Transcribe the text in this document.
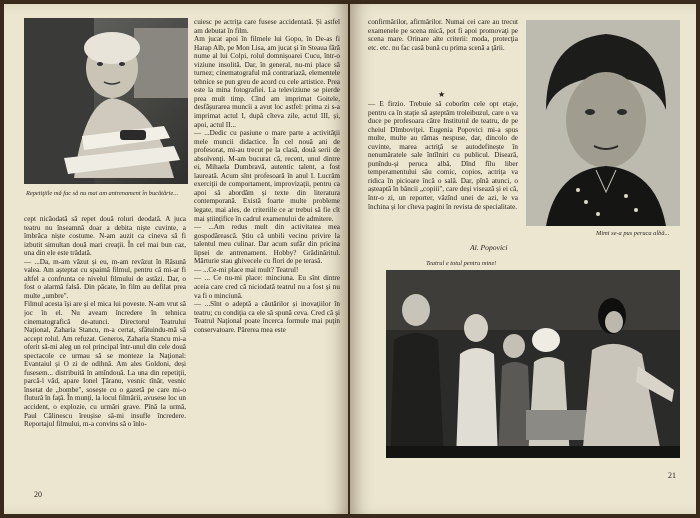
Repetiţiile mă fac să nu mai am antrenament în bucătărie...
cept nicăodată să repet două roluri deodată. A juca teatru nu înseamnă doar a debita niște cuvinte, a îmbrăca niște costume. N-am auzit ca cineva să fi izbutit simultan două mari creaţii. În cel mai bun caz, una din ele este trădată.
— ...Da, m-am văzut și eu, m-am revăzut în Răsună valea. Am așteptat cu spaimă filmul, pentru că mi-ar fi altfel a confrunta ce nivelul filmului de astăzi. Dar, o fost o alarmă falsă. Din păcate, în film au defilat prea multe „umbre".
Filmul acesta își are și el mica lui poveste. N-am vrut să joc în el. Nu aveam încredere în tehnica cinematografică de-atunci. Directorul Teatrului Naţional, Zaharia Stancu, m-a certat, sfătuindu-mă să accept rolul. Am refuzat. Generos, Zaharia Stancu mi-a oferit să-mi aleg un rol principal într-unul din cele două spectacole ce urmau să se monteze la Naţional: Evantaiul și O zi de odihnă. Am ales Goldoni, deși fusesem... distribuită în amîndouă. La una din repetiţii, parcă-l văd, apare Ionel Ţăranu, vesnic tînăr, vesnic însetat de „bombe", sosește cu o gazetă pe care mi-o flutură în faţă. În munţi, la locul filmării, avusese loc un accident, o explozie, cu urmări grave. Pînă la urmă, Paul Călinescu îreușise să-mi insufle încredere. Reportajul filmului, m-a convins să o înlo-
cuiesc pe actriţa care fusese accidentată. Și astfel am debutat în film.
Am jucat apoi în filmele lui Gopo, în De-as fi Harap Alb, pe Mon Lisa, am jucat și în Steaua fără nume al lui Colpi, rolul domnișoarei Cucu, într-o viziune insolită. Dar, în general, nu-mi place să turnez; cinematograful mă contrariază, elementele tehnice se pun greu de acord cu cele artistice. Prea este la mina fotografiei. La televiziune se pierde prea mult timp. Cînd am imprimat Goitele, desfășurarea muncii a avut loc astfel: prima zi s-a imprimat actul I, după cîteva zile, actul III, și, apoi, actul II...
— ...Dedic cu pasiune o mare parte a activităţii mele muncii didactice. În cel nouă ani de profesorat, mi-au trecut pe la clasă, două serii de absolvenţi. M-am bucurat că, recent, unul dintre ei, Mihaela Dumbravă, autentic talent, a fost laureată. Acum sînt profesoară în anul I. Lucrăm exerciţii de comportament, improvizaţii, pentru ca apoi să abordăm și texte din literatura contemporană. Există foarte multe probleme legate, mai ales, de criteriile ce ar trebui să fie cît mai științifice în cadrul examenului de admitere.
— ...Am redus mult din activitatea mea gospodărească. Știu că unbili vecinu privire la talentul meu culinar. Dar acum sufăr din pricina lipsei de antrenament. Hobby? Grădinăritul. Mărturie stau ghivecele cu flori de pe terasă.
— ...Ce-mi place mai mult? Teatrul!
— ... Ce nu-mi place: minciuna. Eu sînt dintre aceia care cred că niciodată teatrul nu a fost și nu va fi o minciună.
— ...Sînt o adeptă a căutărilor și inovaţiilor în teatru; cu condiţia ca ele să spună ceva. Cred că și Teatrul Naţional poate încerca formule mai puţin conservatoare. Părerea mea este
20
confirmărilor, afirmărilor. Numai cei care au trecut examenele pe scena mică, pot fi apoi promovaţi pe scena mare. Orinare alte criterii: moda, protecţia etc. etc. nu fac casă bună cu prima scenă a ţării.
★
— E firzio. Trebuie să coborîm cele opt etaje, pentru ca în staţie să așteptăm troleibuzul, care o va duce pe profesoara către Institutul de teatru, de pe cheiul Dîmboviţei. Eugenia Popovici mi-a spus multe, multe au rămas nespuse, dar, dincolo de cuvinte, marea actriţă se autodefinește în nenumăratele sale întîlniri cu publicul. Diseară, punîndu-și peruca albă, Dînd fîlu liber temperamentului său comic, copios, actriţa va ridica în picioare încă o sală. Dar, pînă atunci, o așteaptă în băncii „copiii", care deși visează și ei că, într-o zi, un reporter, văzînd unei de azi, le va închina și lor cîteva pagini în revista de specialitate.
Al. Popovici
Mimi se-a pus peruca albă...
Teatrul e totul pentru mine!
21
